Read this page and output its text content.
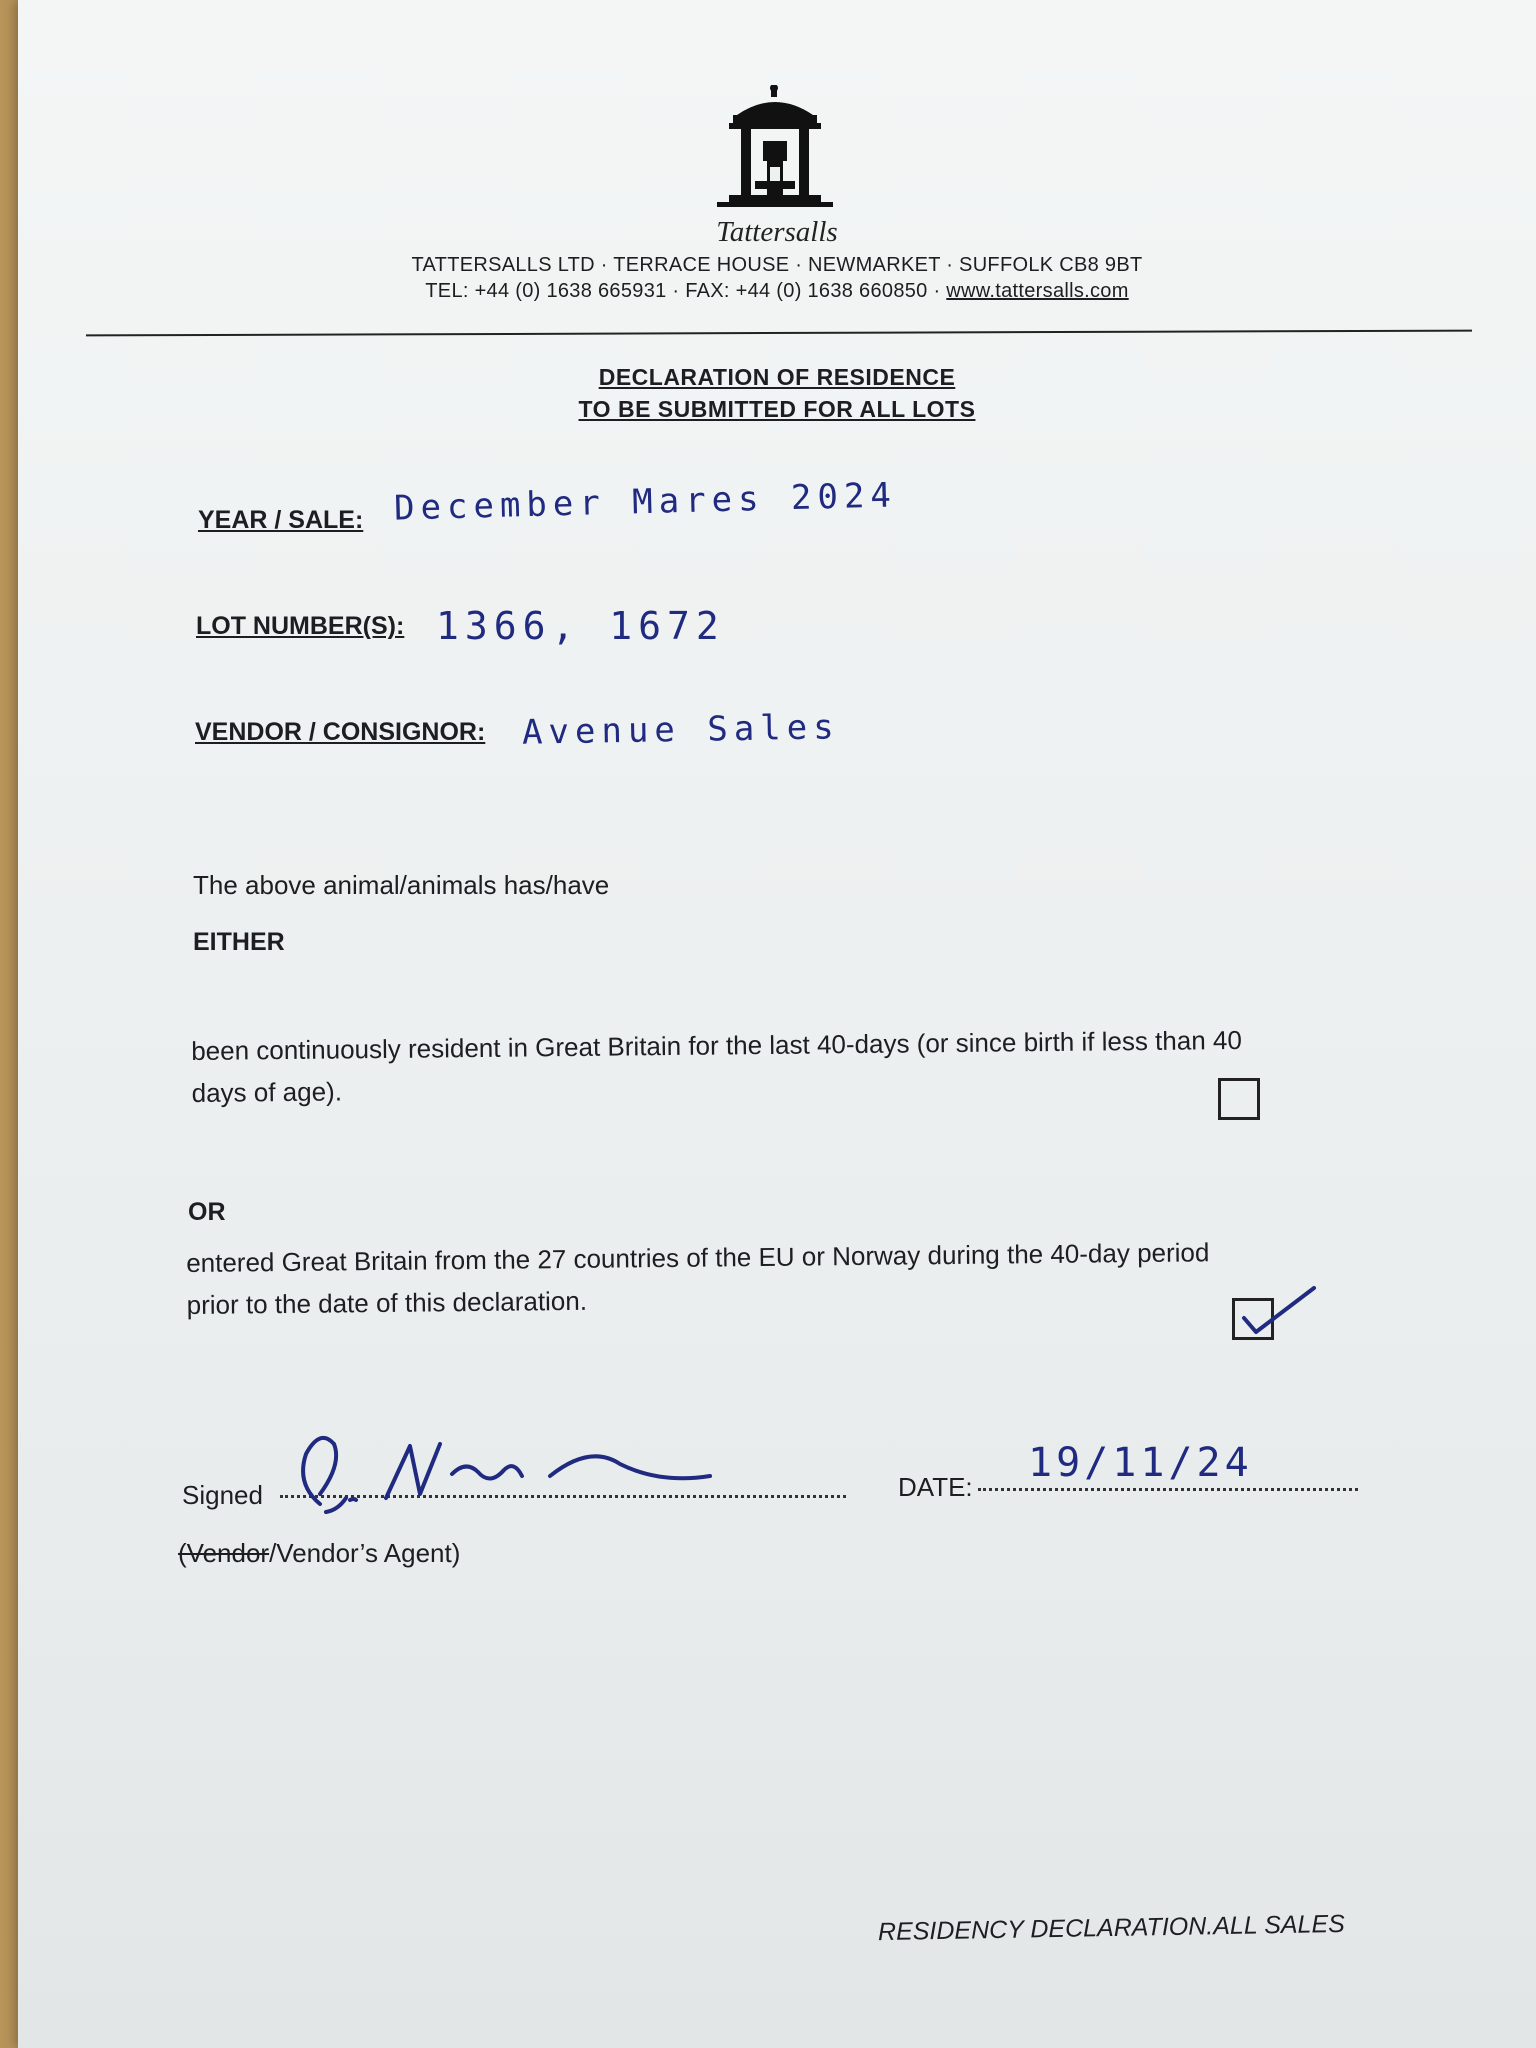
Tattersalls
TATTERSALLS LTD · TERRACE HOUSE · NEWMARKET · SUFFOLK CB8 9BT
TEL: +44 (0) 1638 665931 · FAX: +44 (0) 1638 660850 · www.tattersalls.com
DECLARATION OF RESIDENCE
TO BE SUBMITTED FOR ALL LOTS
YEAR / SALE: December Mares 2024
LOT NUMBER(S): 1366, 1672
VENDOR / CONSIGNOR: Avenue Sales
The above animal/animals has/have
EITHER
been continuously resident in Great Britain for the last 40-days (or since birth if less than 40
days of age).
OR
entered Great Britain from the 27 countries of the EU or Norway during the 40-day period
prior to the date of this declaration.
Signed	DATE:
19/11/24
(Vendor/Vendor’s Agent)
RESIDENCY DECLARATION.ALL SALES
